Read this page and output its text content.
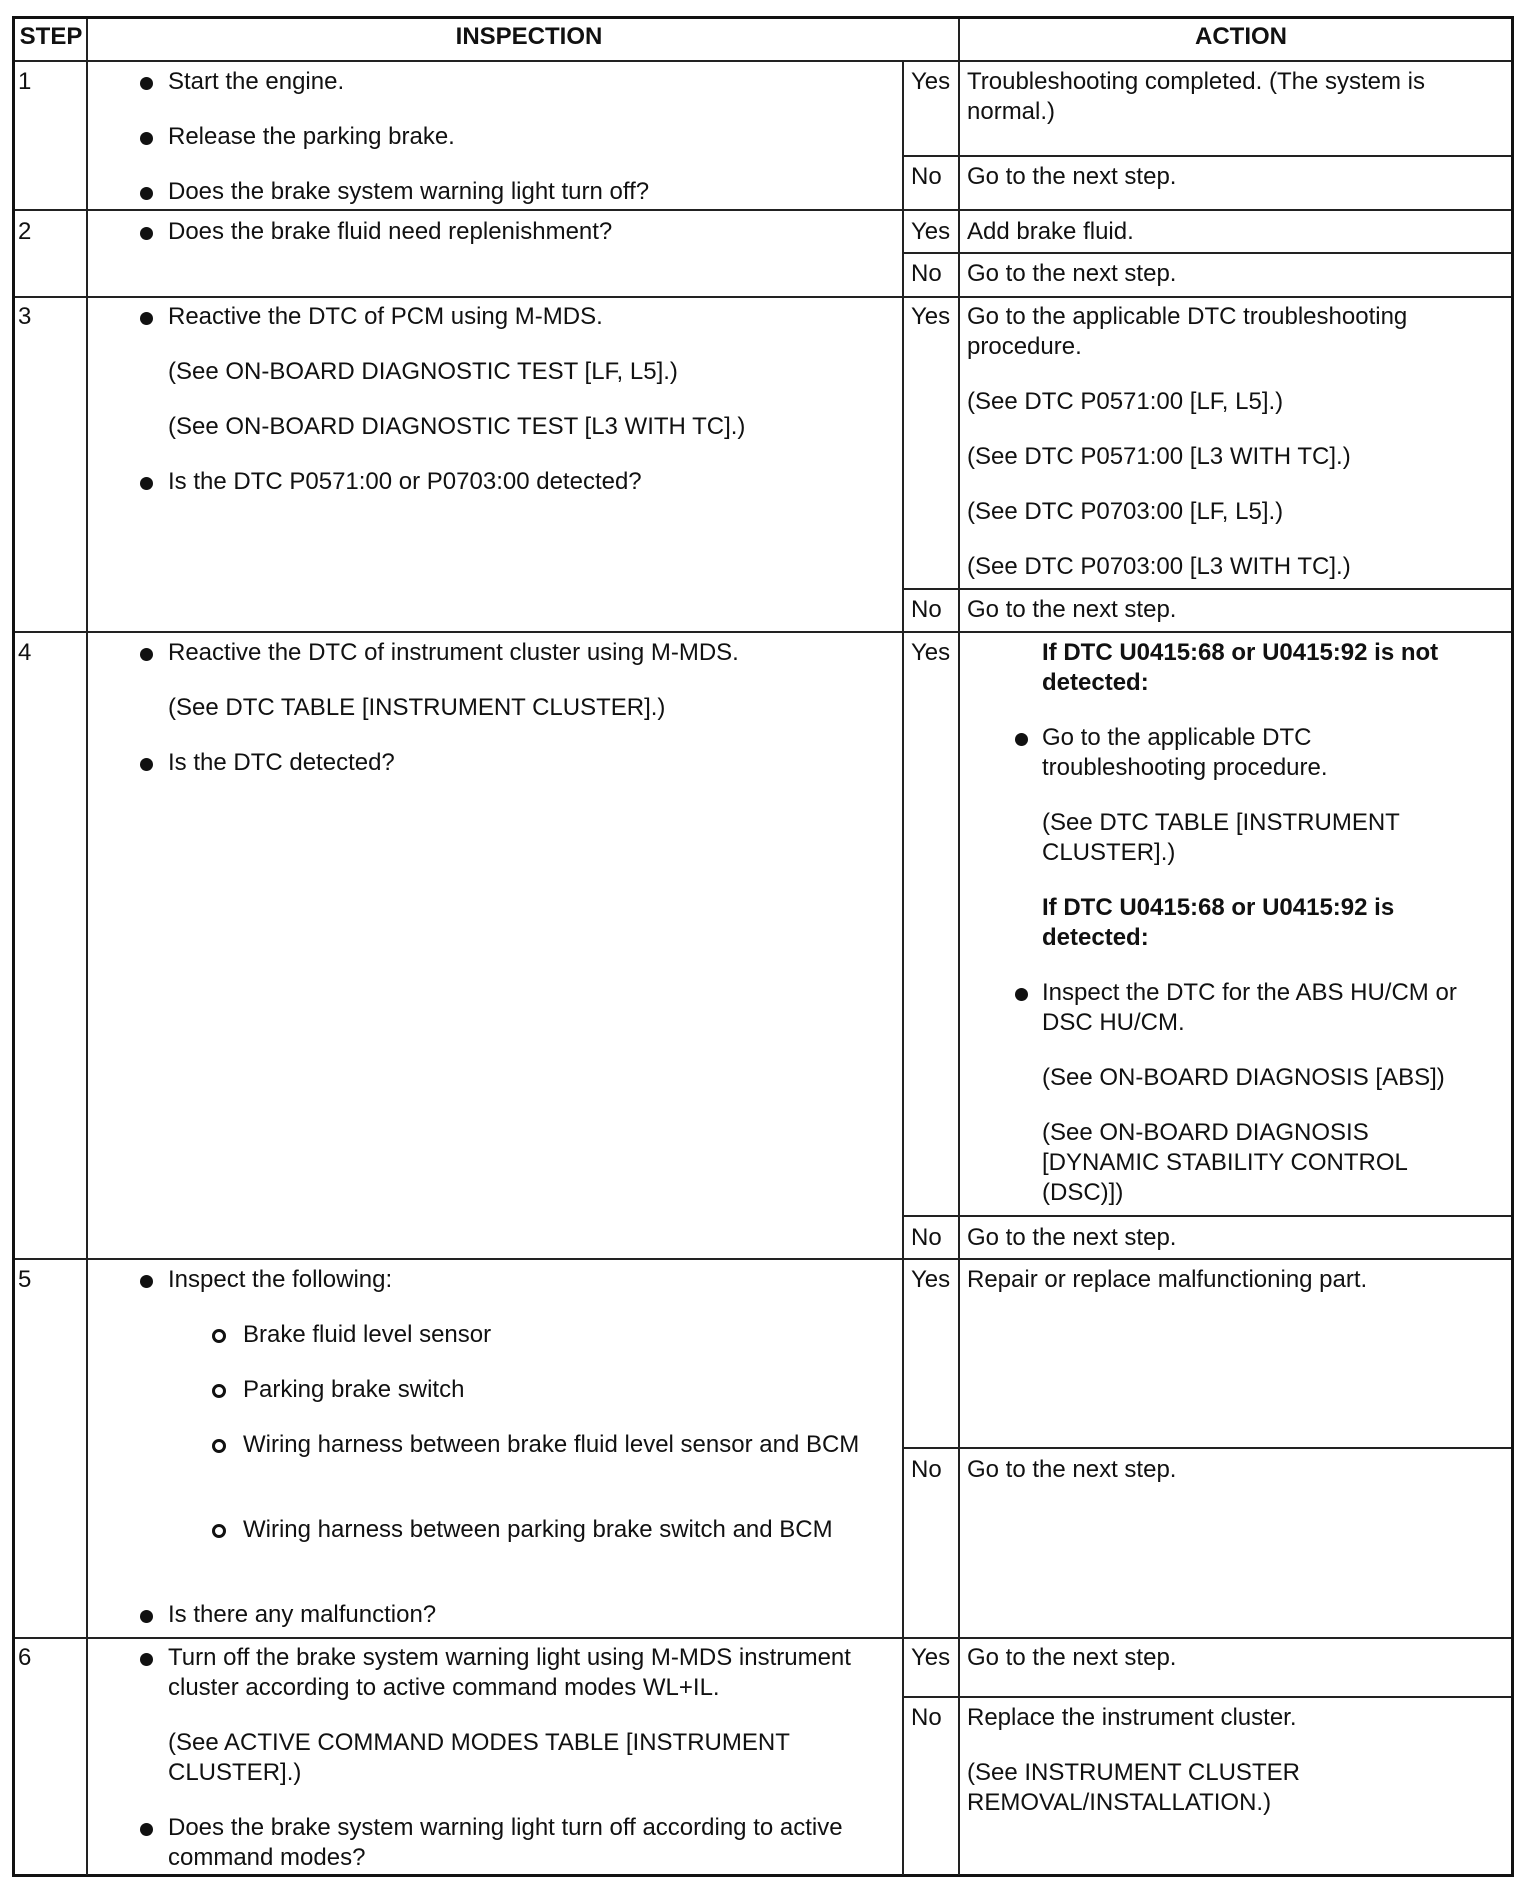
STEP	INSPECTION	ACTION
1	Start the engine.
Release the parking brake.
Does the brake system warning light turn off?
Yes Troubleshooting completed. (The system is normal.)
No Go to the next step.
2	Does the brake fluid need replenishment?	Yes Add brake fluid.
No Go to the next step.
3	Reactive the DTC of PCM using M-MDS.
(See ON-BOARD DIAGNOSTIC TEST [LF, L5].)
(See ON-BOARD DIAGNOSTIC TEST [L3 WITH TC].)
Is the DTC P0571:00 or P0703:00 detected?
Yes Go to the applicable DTC troubleshooting procedure.
(See DTC P0571:00 [LF, L5].)
(See DTC P0571:00 [L3 WITH TC].)
(See DTC P0703:00 [LF, L5].)
(See DTC P0703:00 [L3 WITH TC].)
No Go to the next step.
4	Reactive the DTC of instrument cluster using M-MDS.
(See DTC TABLE [INSTRUMENT CLUSTER].)
Is the DTC detected?
Yes	If DTC U0415:68 or U0415:92 is not detected:
Go to the applicable DTC troubleshooting procedure.
(See DTC TABLE [INSTRUMENT CLUSTER].)
If DTC U0415:68 or U0415:92 is detected:
Inspect the DTC for the ABS HU/CM or DSC HU/CM.
(See ON-BOARD DIAGNOSIS [ABS])
(See ON-BOARD DIAGNOSIS [DYNAMIC STABILITY CONTROL (DSC)])
No Go to the next step.
5	Inspect the following:
Brake fluid level sensor
Parking brake switch
Wiring harness between brake fluid level sensor and BCM
Wiring harness between parking brake switch and BCM
Is there any malfunction?
Yes Repair or replace malfunctioning part.
No Go to the next step.
6	Turn off the brake system warning light using M-MDS instrument cluster according to active command modes WL+IL.
(See ACTIVE COMMAND MODES TABLE [INSTRUMENT CLUSTER].)
Does the brake system warning light turn off according to active command modes?
Yes Go to the next step.
No Replace the instrument cluster.
(See INSTRUMENT CLUSTER REMOVAL/INSTALLATION.)
